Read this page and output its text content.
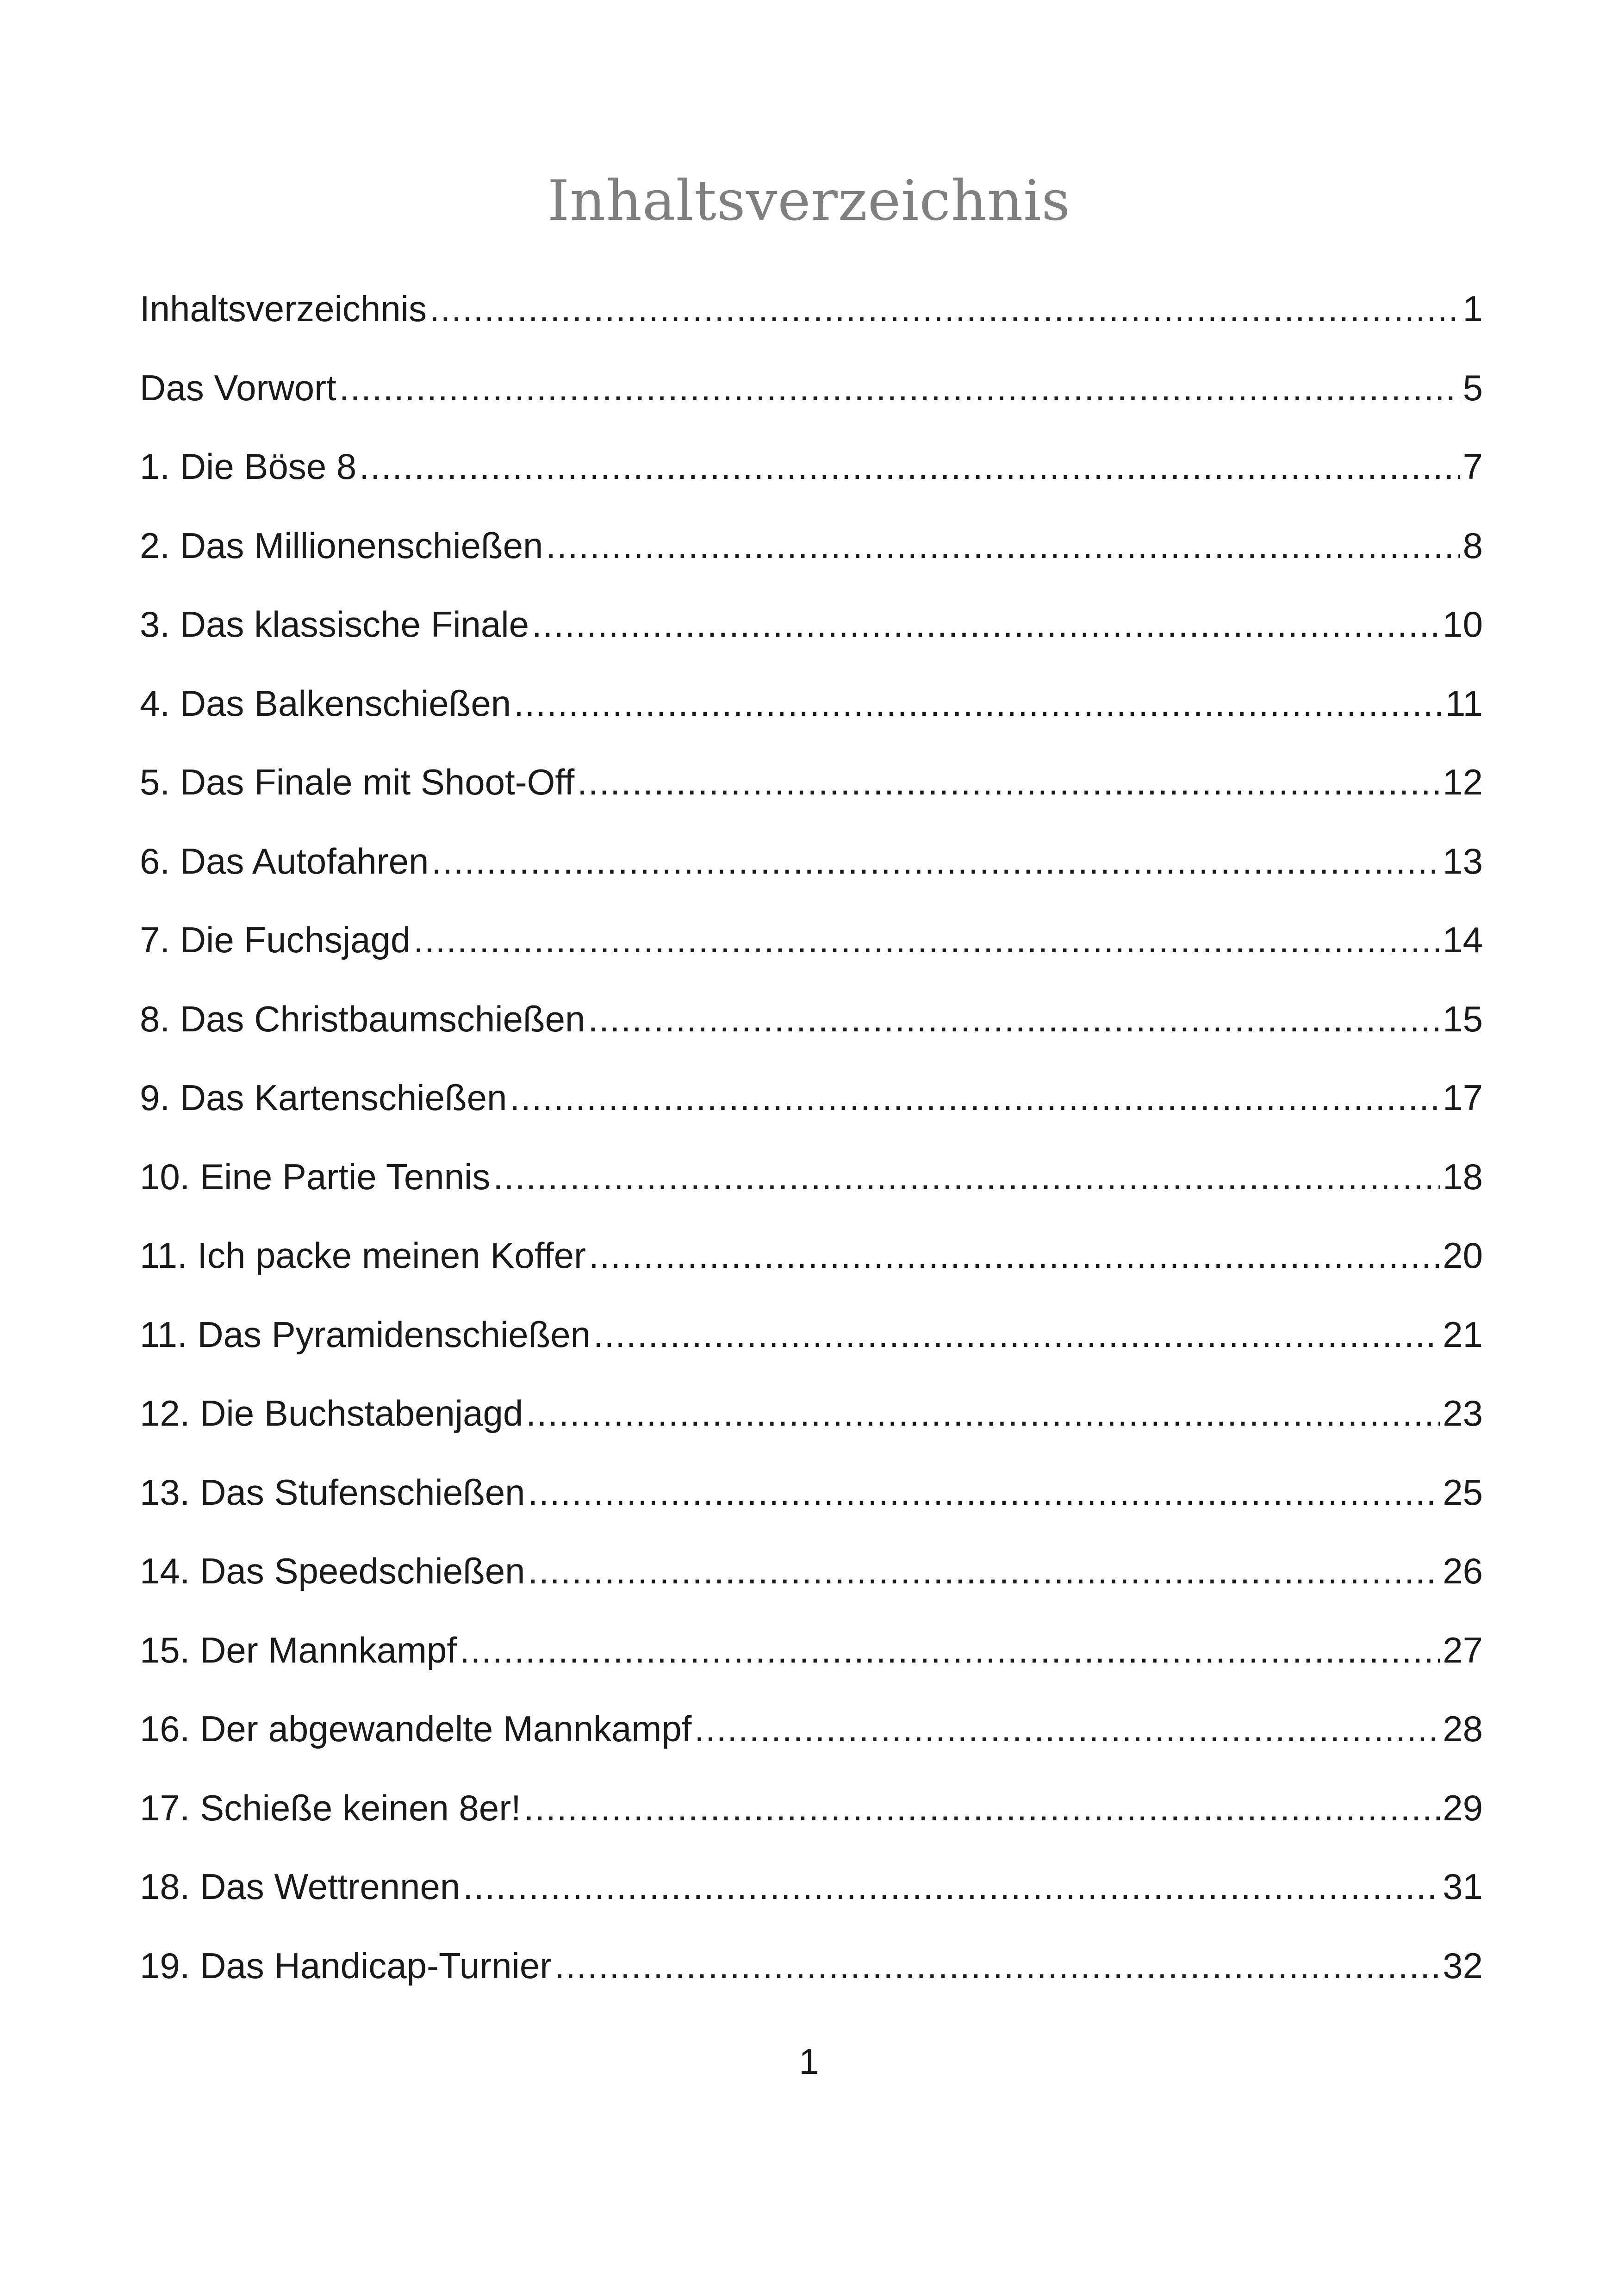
Inhaltsverzeichnis
Inhaltsverzeichnis .....	1
Das Vorwort .....	5
1. Die Böse 8 .....	7
2. Das Millionenschießen .....	8
3. Das klassische Finale .....	10
4. Das Balkenschießen .....	11
5. Das Finale mit Shoot-Off .....	12
6. Das Autofahren .....	13
7. Die Fuchsjagd .....	14
8. Das Christbaumschießen .....	15
9. Das Kartenschießen .....	17
10. Eine Partie Tennis .....	18
11. Ich packe meinen Koffer .....	20
11. Das Pyramidenschießen .....	21
12. Die Buchstabenjagd .....	23
13. Das Stufenschießen .....	25
14. Das Speedschießen .....	26
15. Der Mannkampf .....	27
16. Der abgewandelte Mannkampf .....	28
17. Schieße keinen 8er! .....	29
18. Das Wettrennen .....	31
19. Das Handicap-Turnier .....	32
1
